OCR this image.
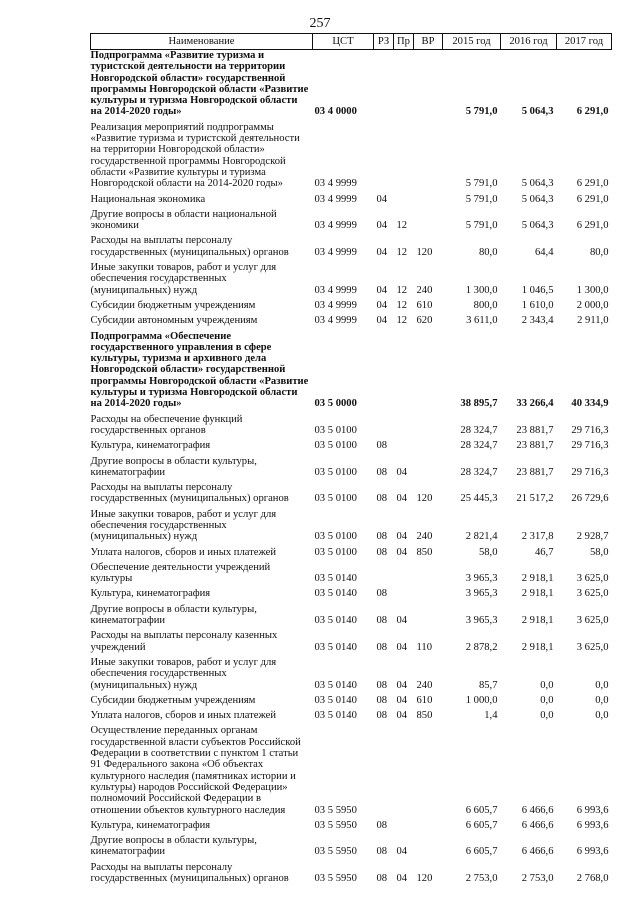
257
Наименование	ЦСТ	РЗ	Пр	ВР	2015 год	2016 год	2017 год
Подпрограмма «Развитие туризма и туристской деятельности на территории Новгородской области» государственной программы Новгородской области «Развитие культуры и туризма Новгородской области на 2014-2020 годы»	03 4 0000				5 791,0	5 064,3	6 291,0
Реализация мероприятий подпрограммы «Развитие туризма и туристской деятельности на территории Новгородской области» государственной программы Новгородской области «Развитие культуры и туризма Новгородской области на 2014-2020 годы»	03 4 9999				5 791,0	5 064,3	6 291,0
Национальная экономика	03 4 9999	04			5 791,0	5 064,3	6 291,0
Другие вопросы в области национальной экономики	03 4 9999	04	12		5 791,0	5 064,3	6 291,0
Расходы на выплаты персоналу государственных (муниципальных) органов	03 4 9999	04	12	120	80,0	64,4	80,0
Иные закупки товаров, работ и услуг для обеспечения государственных (муниципальных) нужд	03 4 9999	04	12	240	1 300,0	1 046,5	1 300,0
Субсидии бюджетным учреждениям	03 4 9999	04	12	610	800,0	1 610,0	2 000,0
Субсидии автономным учреждениям	03 4 9999	04	12	620	3 611,0	2 343,4	2 911,0
Подпрограмма «Обеспечение государственного управления в сфере культуры, туризма и архивного дела Новгородской области» государственной программы Новгородской области «Развитие культуры и туризма Новгородской области на 2014-2020 годы»	03 5 0000				38 895,7	33 266,4	40 334,9
Расходы на обеспечение функций государственных органов	03 5 0100				28 324,7	23 881,7	29 716,3
Культура, кинематография	03 5 0100	08			28 324,7	23 881,7	29 716,3
Другие вопросы в области культуры, кинематографии	03 5 0100	08	04		28 324,7	23 881,7	29 716,3
Расходы на выплаты персоналу государственных (муниципальных) органов	03 5 0100	08	04	120	25 445,3	21 517,2	26 729,6
Иные закупки товаров, работ и услуг для обеспечения государственных (муниципальных) нужд	03 5 0100	08	04	240	2 821,4	2 317,8	2 928,7
Уплата налогов, сборов и иных платежей	03 5 0100	08	04	850	58,0	46,7	58,0
Обеспечение деятельности учреждений культуры	03 5 0140				3 965,3	2 918,1	3 625,0
Культура, кинематография	03 5 0140	08			3 965,3	2 918,1	3 625,0
Другие вопросы в области культуры, кинематографии	03 5 0140	08	04		3 965,3	2 918,1	3 625,0
Расходы на выплаты персоналу казенных учреждений	03 5 0140	08	04	110	2 878,2	2 918,1	3 625,0
Иные закупки товаров, работ и услуг для обеспечения государственных (муниципальных) нужд	03 5 0140	08	04	240	85,7	0,0	0,0
Субсидии бюджетным учреждениям	03 5 0140	08	04	610	1 000,0	0,0	0,0
Уплата налогов, сборов и иных платежей	03 5 0140	08	04	850	1,4	0,0	0,0
Осуществление переданных органам государственной власти субъектов Российской Федерации в соответствии с пунктом 1 статьи 91 Федерального закона «Об объектах культурного наследия (памятниках истории и культуры) народов Российской Федерации» полномочий Российской Федерации в отношении объектов культурного наследия	03 5 5950				6 605,7	6 466,6	6 993,6
Культура, кинематография	03 5 5950	08			6 605,7	6 466,6	6 993,6
Другие вопросы в области культуры, кинематографии	03 5 5950	08	04		6 605,7	6 466,6	6 993,6
Расходы на выплаты персоналу государственных (муниципальных) органов	03 5 5950	08	04	120	2 753,0	2 753,0	2 768,0
